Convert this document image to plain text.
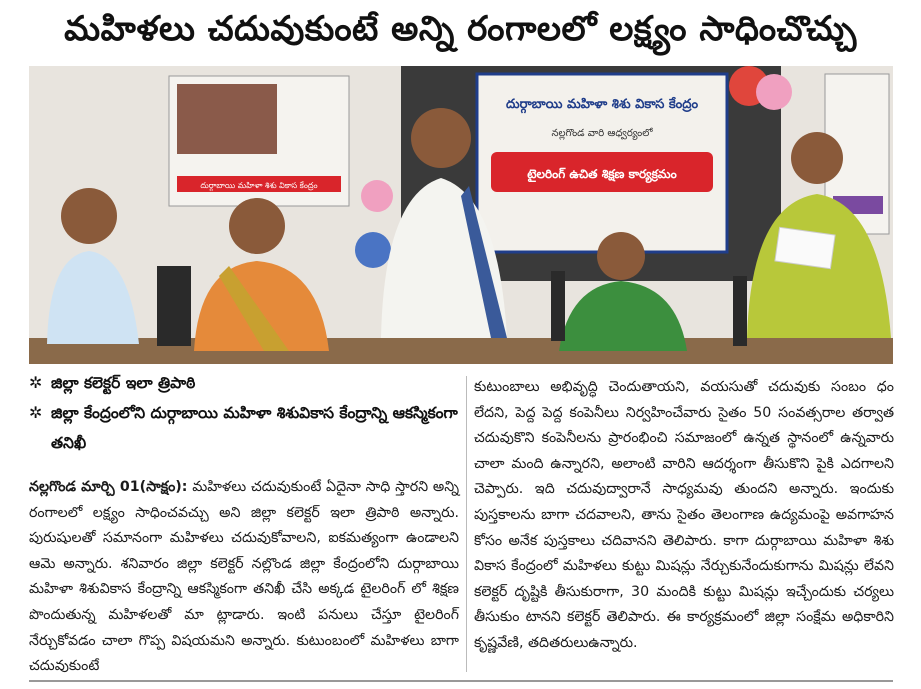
మహిళలు చదువుకుంటే అన్ని రంగాలలో లక్ష్యం సాధించొచ్చు
దుర్గాబాయి మహిళా శిశు వికాస కేంద్రం
దుర్గాబాయి మహిళా శిశు వికాస కేంద్రం
నల్లగొండ వారి ఆధ్వర్యంలో
టైలరింగ్ ఉచిత శిక్షణ కార్యక్రమం
✲ జిల్లా కలెక్టర్ ఇలా త్రిపాఠి
✲ జిల్లా కేంద్రంలోని దుర్గాబాయి మహిళా శిశువికాస కేంద్రాన్ని ఆకస్మికంగా తనిఖీ

నల్లగొండ మార్చి 01(సాక్షం): మహిళలు చదువుకుంటే ఏదైనా సాధి స్తారని అన్ని రంగాలలో లక్ష్యం సాధించవచ్చు అని జిల్లా కలెక్టర్ ఇలా త్రిపాఠి అన్నారు. పురుషులతో సమానంగా మహిళలు చదువుకోవాలని, ఐకమత్యంగా ఉండాలని ఆమె అన్నారు. శనివారం జిల్లా కలెక్టర్ నల్లొండ జిల్లా కేంద్రంలోని దుర్గాబాయి మహిళా శిశువికాస కేంద్రాన్ని ఆకస్మికంగా తనిఖీ చేసి అక్కడ టైలరింగ్ లో శిక్షణ పొందుతున్న మహిళలతో మా ట్లాడారు. ఇంటి పనులు చేస్తూ టైలరింగ్ నేర్చుకోవడం చాలా గొప్ప విషయమని అన్నారు. కుటుంబంలో మహిళలు బాగా చదువుకుంటే

కుటుంబాలు అభివృద్ధి చెందుతాయని, వయసుతో చదువుకు సంబం ధం లేదని, పెద్ద పెద్ద కంపెనీలు నిర్వహించేవారు సైతం 50 సంవత్సరాల తర్వాత చదువుకొని కంపెనీలను ప్రారంభించి సమాజంలో ఉన్నత స్థానంలో ఉన్నవారు చాలా మంది ఉన్నారని, అలాంటి వారిని ఆదర్శంగా తీసుకొని పైకి ఎదగాలని చెప్పారు. ఇది చదువుద్వారానే సాధ్యమవు తుందని అన్నారు. ఇందుకు పుస్తకాలను బాగా చదవాలని, తాను సైతం తెలంగాణ ఉద్యమంపై అవగాహన కోసం అనేక పుస్తకాలు చదివానని తెలిపారు. కాగా దుర్గాబాయి మహిళా శిశు వికాస కేంద్రంలో మహిళలు కుట్టు మిషన్లు నేర్చుకునేందుకుగాను మిషన్లు లేవని కలెక్టర్ దృష్టికి తీసుకురాగా, 30 మందికి కుట్టు మిషన్లు ఇచ్చేందుకు చర్యలు తీసుకుం టానని కలెక్టర్ తెలిపారు. ఈ కార్యక్రమంలో జిల్లా సంక్షేమ అధికారిని కృష్ణవేణి, తదితరులుఉన్నారు.
